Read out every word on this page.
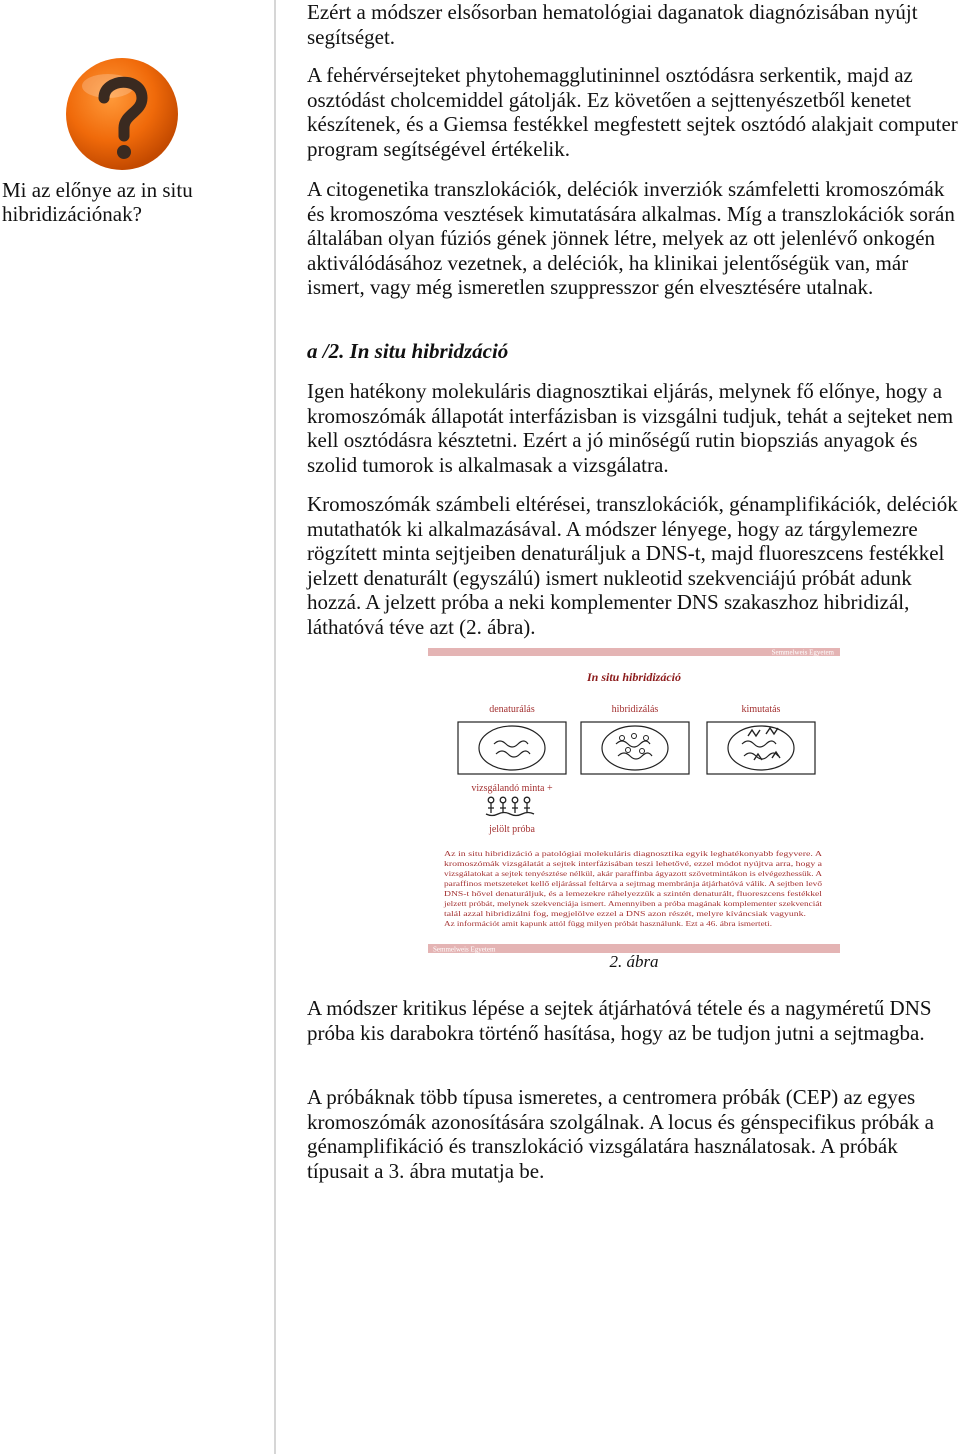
Mi az előnye az in situ hibridizációnak?

Ezért a módszer elsősorban hematológiai daganatok diagnózisában nyújt segítséget.

A fehérvérsejteket phytohemagglutininnel osztódásra serkentik, majd az osztódást cholcemiddel gátolják. Ez követően a sejttenyészetből kenetet készítenek, és a Giemsa festékkel megfestett sejtek osztódó alakjait computer program segítségével értékelik.

A citogenetika transzlokációk, deléciók inverziók számfeletti kromoszómák és kromoszóma vesztések kimutatására alkalmas. Míg a transzlokációk során általában olyan fúziós gének jönnek létre, melyek az ott jelenlévő onkogén aktiválódásához vezetnek, a deléciók, ha klinikai jelentőségük van, már ismert, vagy még ismeretlen szuppresszor gén elvesztésére utalnak.

a /2. In situ hibridzáció

Igen hatékony molekuláris diagnosztikai eljárás, melynek fő előnye, hogy a kromoszómák állapotát interfázisban is vizsgálni tudjuk, tehát a sejteket nem kell osztódásra késztetni. Ezért a jó minőségű rutin biopsziás anyagok és szolid tumorok is alkalmasak a vizsgálatra.

Kromoszómák számbeli eltérései, transzlokációk, génamplifikációk, deléciók mutathatók ki alkalmazásával. A módszer lényege, hogy az tárgylemezre rögzített minta sejtjeiben denaturáljuk a DNS-t, majd fluoreszcens festékkel jelzett denaturált (egyszálú) ismert nukleotid szekvenciájú próbát adunk hozzá. A jelzett próba a neki komplementer DNS szakaszhoz hibridizál, láthatóvá téve azt (2. ábra).

A módszer kritikus lépése a sejtek átjárhatóvá tétele és a nagyméretű DNS próba kis darabokra történő hasítása, hogy az be tudjon jutni a sejtmagba.

A próbáknak több típusa ismeretes, a centromera próbák (CEP) az egyes kromoszómák azonosítására szolgálnak. A locus és génspecifikus próbák a génamplifikáció és transzlokáció vizsgálatára használatosak. A próbák típusait a 3. ábra mutatja be.

Semmelweis Egyetem
In situ hibridizáció
denaturálás	hibridizálás	kimutatás
vizsgálandó minta +
jelölt próba
Az in situ hibridizáció a patológiai molekuláris diagnosztika egyik leghatékonyabb fegyvere. A
kromoszómák vizsgálatát a sejtek interfázisában teszi lehetővé, ezzel módot nyújtva arra, hogy a
vizsgálatokat a sejtek tenyésztése nélkül, akár paraffinba ágyazott szövetmintákon is elvégezhessük. A
paraffinos metszeteket kellő eljárással feltárva a sejtmag membránja átjárhatóvá válik. A sejtben levő
DNS-t hővel denaturáljuk, és a lemezekre ráhelyezzük a szintén denaturált, fluoreszcens festékkel
jelzett próbát, melynek szekvenciája ismert. Amennyiben a próba magának komplementer szekvenciát
talál azzal hibridizálni fog, megjelölve ezzel a DNS azon részét, melyre kíváncsiak vagyunk.
Az információt amit kapunk attól függ milyen próbát használunk. Ezt a 46. ábra ismerteti.
Semmelweis Egyetem
2. ábra
